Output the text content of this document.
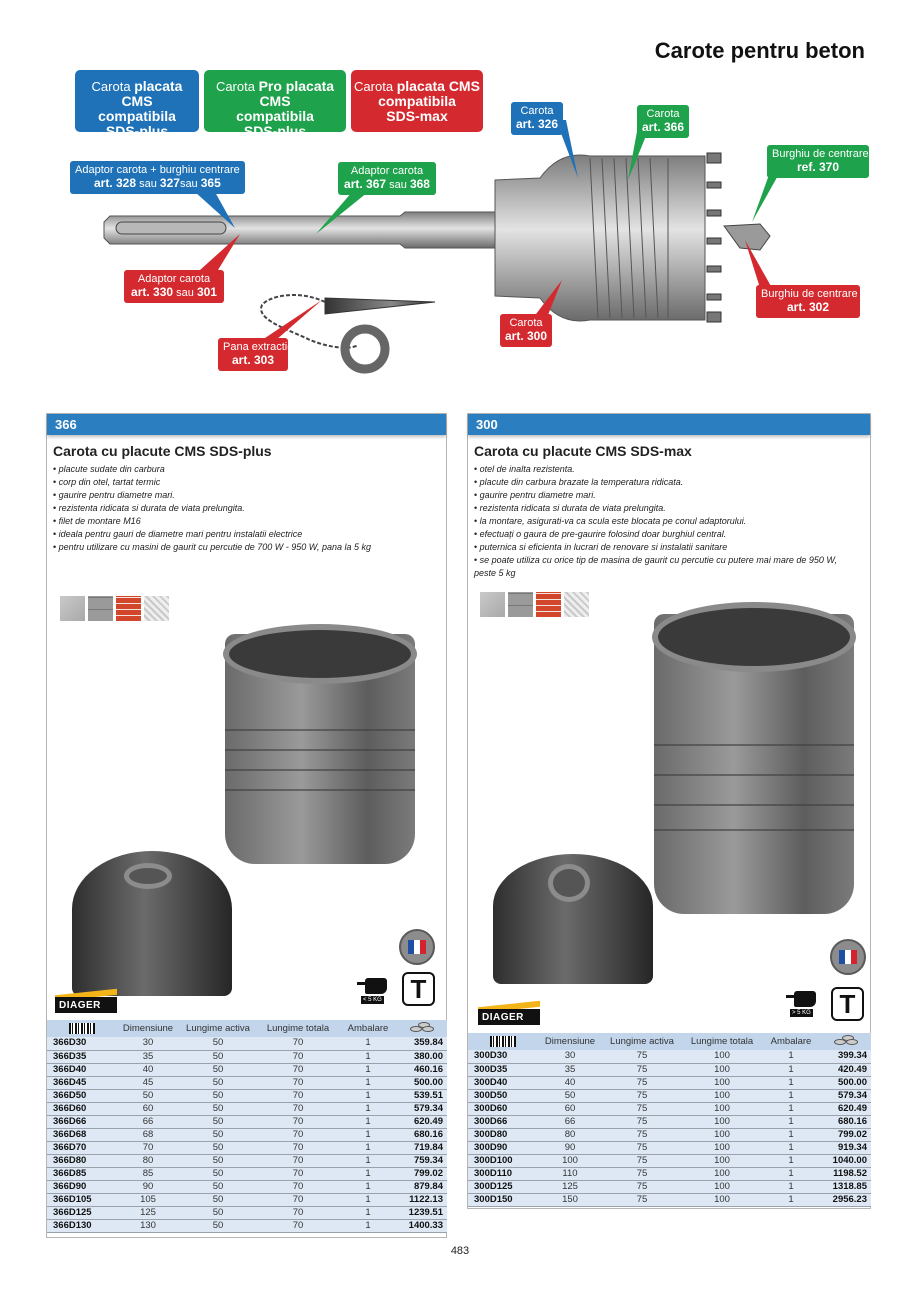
Carote pentru beton
Carota placata CMS
compatibila
SDS-plus
Carota Pro placata CMS
compatibila
SDS-plus
Carota placata CMS
compatibila
SDS-max
Adaptor carota + burghiu centrare
art. 328 sau 327sau 365
Adaptor carota
art. 367 sau 368
Adaptor carota
art. 330 sau 301
Pana extractie
art. 303
Carota
art. 326
Carota
art. 366
Carota
art. 300
Burghiu de centrare
ref. 370
Burghiu de centrare
art. 302
366
Carota cu placute CMS SDS-plus
• placute sudate din carbura
• corp din otel, tartat termic
• gaurire pentru diametre mari.
• rezistenta ridicata si durata de viata prelungita.
• filet de montare M16
• ideala pentru gauri de diametre mari pentru instalatii electrice
• pentru utilizare cu masini de gaurit cu percutie de 700 W - 950 W, pana la 5 kg
< 5 KG	T
DIAGER
	Dimensiune	Lungime activa	Lungime totala	Ambalare	

366D30	30	50	70	1	359.84
366D35	35	50	70	1	380.00
366D40	40	50	70	1	460.16
366D45	45	50	70	1	500.00
366D50	50	50	70	1	539.51
366D60	60	50	70	1	579.34
366D66	66	50	70	1	620.49
366D68	68	50	70	1	680.16
366D70	70	50	70	1	719.84
366D80	80	50	70	1	759.34
366D85	85	50	70	1	799.02
366D90	90	50	70	1	879.84
366D105	105	50	70	1	1122.13
366D125	125	50	70	1	1239.51
366D130	130	50	70	1	1400.33
300
Carota cu placute CMS SDS-max
• otel de inalta rezistenta.
• placute din carbura brazate la temperatura ridicata.
• gaurire pentru diametre mari.
• rezistenta ridicata si durata de viata prelungita.
• la montare, asigurati-va ca scula este blocata pe conul adaptorului.
• efectuați o gaura de pre-gaurire folosind doar burghiul central.
• puternica si eficienta in lucrari de renovare si instalatii sanitare
• se poate utiliza cu orice tip de masina de gaurit cu percutie cu putere mai mare de 950 W, peste 5 kg
> 5 KG	T
DIAGER
	Dimensiune	Lungime activa	Lungime totala	Ambalare	

300D30	30	75	100	1	399.34
300D35	35	75	100	1	420.49
300D40	40	75	100	1	500.00
300D50	50	75	100	1	579.34
300D60	60	75	100	1	620.49
300D66	66	75	100	1	680.16
300D80	80	75	100	1	799.02
300D90	90	75	100	1	919.34
300D100	100	75	100	1	1040.00
300D110	110	75	100	1	1198.52
300D125	125	75	100	1	1318.85
300D150	150	75	100	1	2956.23
483
